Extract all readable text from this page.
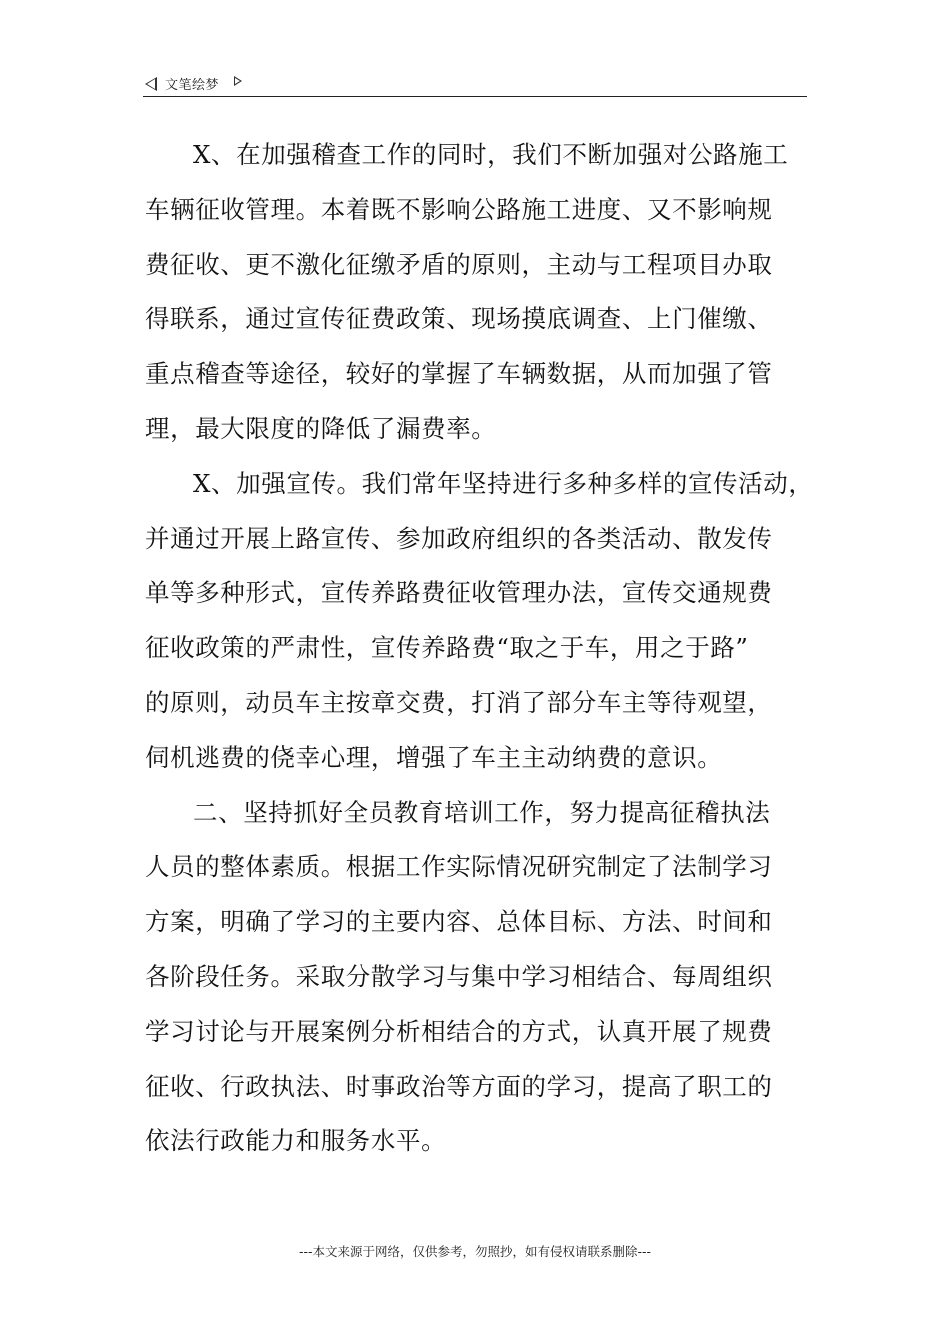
文笔绘梦
X、在加强稽查工作的同时，我们不断加强对公路施工
车辆征收管理。本着既不影响公路施工进度、又不影响规
费征收、更不激化征缴矛盾的原则，主动与工程项目办取
得联系，通过宣传征费政策、现场摸底调查、上门催缴、
重点稽查等途径，较好的掌握了车辆数据，从而加强了管
理，最大限度的降低了漏费率。
X、加强宣传。我们常年坚持进行多种多样的宣传活动，
并通过开展上路宣传、参加政府组织的各类活动、散发传
单等多种形式，宣传养路费征收管理办法，宣传交通规费
征收政策的严肃性，宣传养路费“取之于车，用之于路”
的原则，动员车主按章交费，打消了部分车主等待观望，
伺机逃费的侥幸心理，增强了车主主动纳费的意识。
二、坚持抓好全员教育培训工作，努力提高征稽执法
人员的整体素质。根据工作实际情况研究制定了法制学习
方案，明确了学习的主要内容、总体目标、方法、时间和
各阶段任务。采取分散学习与集中学习相结合、每周组织
学习讨论与开展案例分析相结合的方式，认真开展了规费
征收、行政执法、时事政治等方面的学习，提高了职工的
依法行政能力和服务水平。
---本文来源于网络，仅供参考，勿照抄，如有侵权请联系删除---
